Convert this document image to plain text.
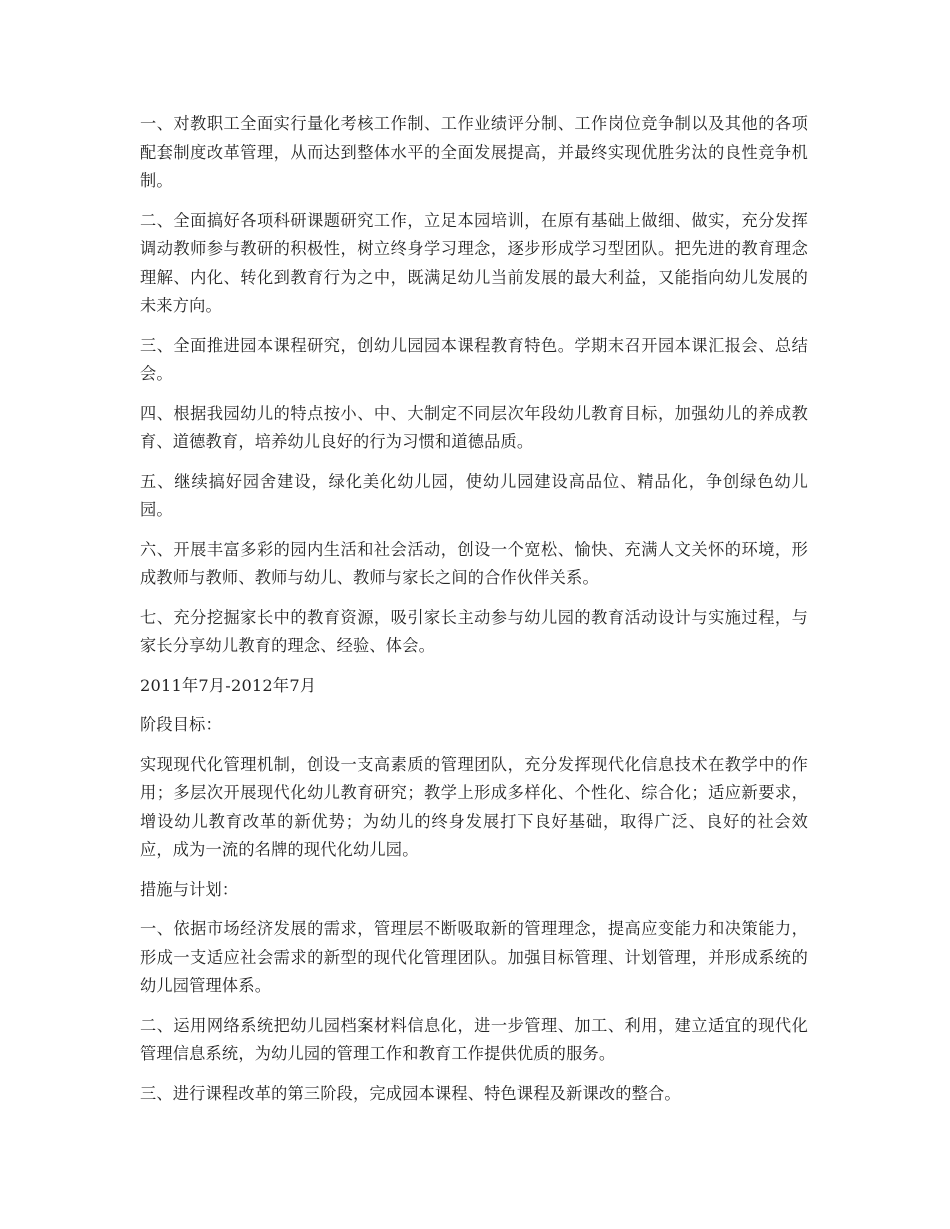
一、对教职工全面实行量化考核工作制、工作业绩评分制、工作岗位竞争制以及其他的各项配套制度改革管理，从而达到整体水平的全面发展提高，并最终实现优胜劣汰的良性竞争机制。

二、全面搞好各项科研课题研究工作，立足本园培训，在原有基础上做细、做实，充分发挥调动教师参与教研的积极性，树立终身学习理念，逐步形成学习型团队。把先进的教育理念理解、内化、转化到教育行为之中，既满足幼儿当前发展的最大利益，又能指向幼儿发展的未来方向。

三、全面推进园本课程研究，创幼儿园园本课程教育特色。学期末召开园本课汇报会、总结会。

四、根据我园幼儿的特点按小、中、大制定不同层次年段幼儿教育目标，加强幼儿的养成教育、道德教育，培养幼儿良好的行为习惯和道德品质。

五、继续搞好园舍建设，绿化美化幼儿园，使幼儿园建设高品位、精品化，争创绿色幼儿园。

六、开展丰富多彩的园内生活和社会活动，创设一个宽松、愉快、充满人文关怀的环境，形成教师与教师、教师与幼儿、教师与家长之间的合作伙伴关系。

七、充分挖掘家长中的教育资源，吸引家长主动参与幼儿园的教育活动设计与实施过程，与家长分享幼儿教育的理念、经验、体会。

2011年7月-2012年7月

阶段目标：

实现现代化管理机制，创设一支高素质的管理团队，充分发挥现代化信息技术在教学中的作用；多层次开展现代化幼儿教育研究；教学上形成多样化、个性化、综合化；适应新要求，增设幼儿教育改革的新优势；为幼儿的终身发展打下良好基础，取得广泛、良好的社会效应，成为一流的名牌的现代化幼儿园。

措施与计划：

一、依据市场经济发展的需求，管理层不断吸取新的管理理念，提高应变能力和决策能力，形成一支适应社会需求的新型的现代化管理团队。加强目标管理、计划管理，并形成系统的幼儿园管理体系。

二、运用网络系统把幼儿园档案材料信息化，进一步管理、加工、利用，建立适宜的现代化管理信息系统，为幼儿园的管理工作和教育工作提供优质的服务。

三、进行课程改革的第三阶段，完成园本课程、特色课程及新课改的整合。
